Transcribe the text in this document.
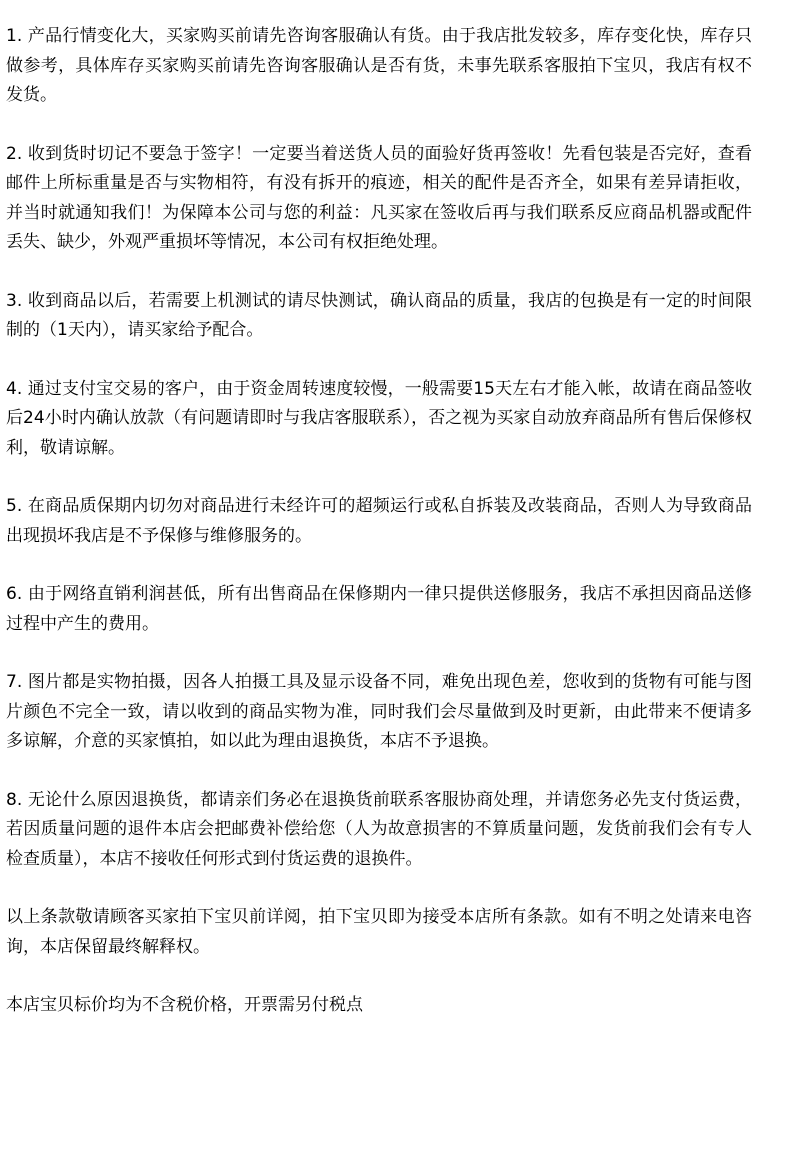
1. 产品行情变化大，买家购买前请先咨询客服确认有货。由于我店批发较多，库存变化快，库存只做参考，具体库存买家购买前请先咨询客服确认是否有货，未事先联系客服拍下宝贝，我店有权不发货。

2. 收到货时切记不要急于签字！一定要当着送货人员的面验好货再签收！先看包装是否完好，查看邮件上所标重量是否与实物相符，有没有拆开的痕迹，相关的配件是否齐全，如果有差异请拒收，并当时就通知我们！为保障本公司与您的利益：凡买家在签收后再与我们联系反应商品机器或配件丢失、缺少，外观严重损坏等情况，本公司有权拒绝处理。

3. 收到商品以后，若需要上机测试的请尽快测试，确认商品的质量，我店的包换是有一定的时间限制的（1天内），请买家给予配合。

4. 通过支付宝交易的客户，由于资金周转速度较慢，一般需要15天左右才能入帐，故请在商品签收后24小时内确认放款（有问题请即时与我店客服联系），否之视为买家自动放弃商品所有售后保修权利，敬请谅解。

5. 在商品质保期内切勿对商品进行未经许可的超频运行或私自拆装及改装商品，否则人为导致商品出现损坏我店是不予保修与维修服务的。

6. 由于网络直销利润甚低，所有出售商品在保修期内一律只提供送修服务，我店不承担因商品送修过程中产生的费用。

7. 图片都是实物拍摄，因各人拍摄工具及显示设备不同，难免出现色差，您收到的货物有可能与图片颜色不完全一致，请以收到的商品实物为准，同时我们会尽量做到及时更新，由此带来不便请多多谅解，介意的买家慎拍，如以此为理由退换货，本店不予退换。

8. 无论什么原因退换货，都请亲们务必在退换货前联系客服协商处理，并请您务必先支付货运费，若因质量问题的退件本店会把邮费补偿给您（人为故意损害的不算质量问题，发货前我们会有专人检查质量），本店不接收任何形式到付货运费的退换件。

以上条款敬请顾客买家拍下宝贝前详阅，拍下宝贝即为接受本店所有条款。如有不明之处请来电咨询，本店保留最终解释权。

本店宝贝标价均为不含税价格，开票需另付税点
